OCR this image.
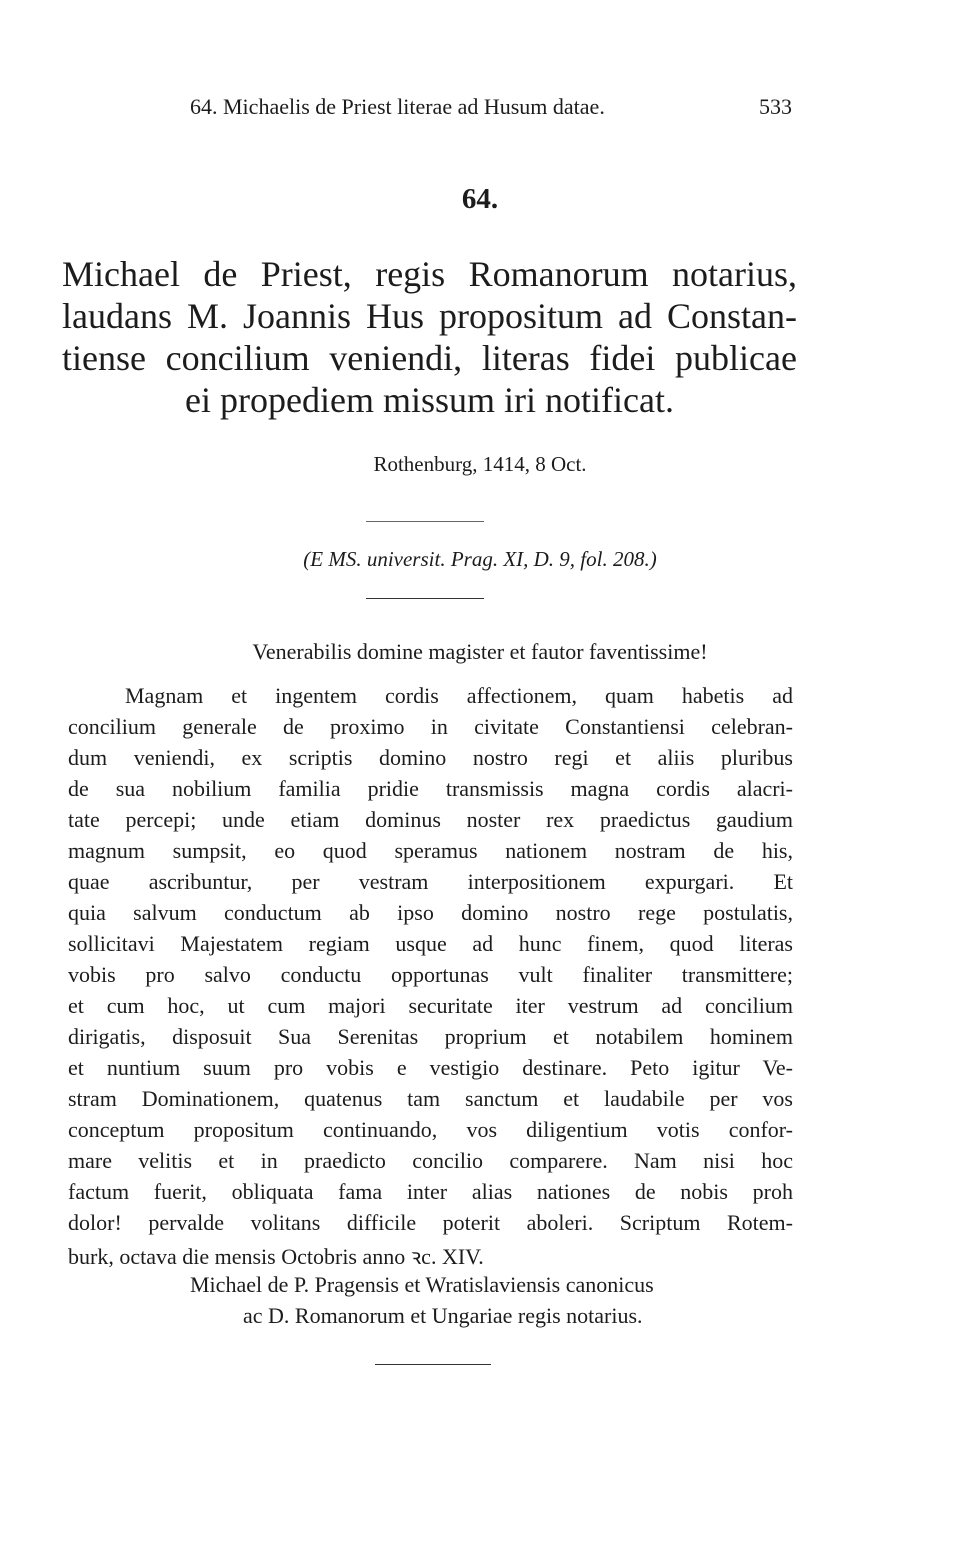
64. Michaelis de Priest literae ad Husum datae.	533
64.
Michael de Priest, regis Romanorum notarius,
laudans M. Joannis Hus propositum ad Constan-
tiense concilium veniendi, literas fidei publicae
ei propediem missum iri notificat.
Rothenburg, 1414, 8 Oct.
(E MS. universit. Prag. XI, D. 9, fol. 208.)
Venerabilis domine magister et fautor faventissime!
Magnam et ingentem cordis affectionem, quam habetis ad
concilium generale de proximo in civitate Constantiensi celebran-
dum veniendi, ex scriptis domino nostro regi et aliis pluribus
de sua nobilium familia pridie transmissis magna cordis alacri-
tate percepi; unde etiam dominus noster rex praedictus gaudium
magnum sumpsit, eo quod speramus nationem nostram de his,
quae ascribuntur, per vestram interpositionem expurgari. Et
quia salvum conductum ab ipso domino nostro rege postulatis,
sollicitavi Majestatem regiam usque ad hunc finem, quod literas
vobis pro salvo conductu opportunas vult finaliter transmittere;
et cum hoc, ut cum majori securitate iter vestrum ad concilium
dirigatis, disposuit Sua Serenitas proprium et notabilem hominem
et nuntium suum pro vobis e vestigio destinare. Peto igitur Ve-
stram Dominationem, quatenus tam sanctum et laudabile per vos
conceptum propositum continuando, vos diligentium votis confor-
mare velitis et in praedicto concilio comparere. Nam nisi hoc
factum fuerit, obliquata fama inter alias nationes de nobis proh
dolor! pervalde volitans difficile poterit aboleri. Scriptum Rotem-
burk, octava die mensis Octobris anno ꝛc. XIV.
Michael de P. Pragensis et Wratislaviensis canonicus
ac D. Romanorum et Ungariae regis notarius.
